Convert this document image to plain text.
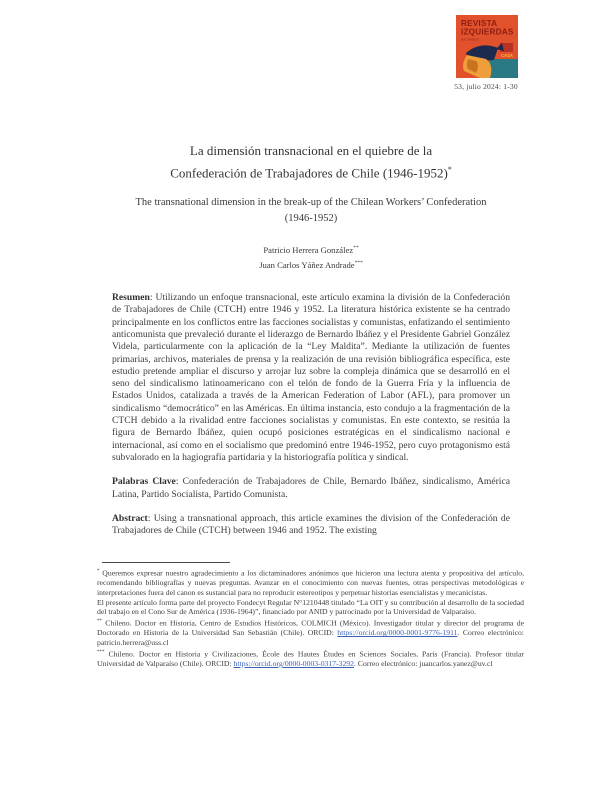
REVISTA
IZQUIERDAS
los matices
CASA
53, julio 2024: 1-30
La dimensión transnacional en el quiebre de la
Confederación de Trabajadores de Chile (1946-1952)*
The transnational dimension in the break-up of the Chilean Workers’ Confederation
(1946-1952)
Patricio Herrera González**
Juan Carlos Yáñez Andrade***

Resumen: Utilizando un enfoque transnacional, este artículo examina la división de la Confederación de Trabajadores de Chile (CTCH) entre 1946 y 1952. La literatura histórica existente se ha centrado principalmente en los conflictos entre las facciones socialistas y comunistas, enfatizando el sentimiento anticomunista que prevaleció durante el liderazgo de Bernardo Ibáñez y el Presidente Gabriel González Videla, particularmente con la aplicación de la “Ley Maldita”. Mediante la utilización de fuentes primarias, archivos, materiales de prensa y la realización de una revisión bibliográfica específica, este estudio pretende ampliar el discurso y arrojar luz sobre la compleja dinámica que se desarrolló en el seno del sindicalismo latinoamericano con el telón de fondo de la Guerra Fría y la influencia de Estados Unidos, catalizada a través de la American Federation of Labor (AFL), para promover un sindicalismo “democrático” en las Américas. En última instancia, esto condujo a la fragmentación de la CTCH debido a la rivalidad entre facciones socialistas y comunistas. En este contexto, se resitúa la figura de Bernardo Ibáñez, quien ocupó posiciones estratégicas en el sindicalismo nacional e internacional, así como en el socialismo que predominó entre 1946-1952, pero cuyo protagonismo está subvalorado en la hagiografía partidaria y la historiografía política y sindical.

Palabras Clave: Confederación de Trabajadores de Chile, Bernardo Ibáñez, sindicalismo, América Latina, Partido Socialista, Partido Comunista.

Abstract: Using a transnational approach, this article examines the division of the Confederación de Trabajadores de Chile (CTCH) between 1946 and 1952. The existing

* Queremos expresar nuestro agradecimiento a los dictaminadores anónimos que hicieron una lectura atenta y propositiva del artículo, recomendando bibliografías y nuevas preguntas. Avanzar en el conocimiento con nuevas fuentes, otras perspectivas metodológicas e interpretaciones fuera del canon es sustancial para no reproducir estereotipos y perpetuar historias esencialistas y mecanicistas.

El presente artículo forma parte del proyecto Fondecyt Regular N°1210448 titulado “La OIT y su contribución al desarrollo de la sociedad del trabajo en el Cono Sur de América (1936-1964)”, financiado por ANID y patrocinado por la Universidad de Valparaíso.

** Chileno. Doctor en Historia, Centro de Estudios Históricos, COLMICH (México). Investigador titular y director del programa de Doctorado en Historia de la Universidad San Sebastián (Chile). ORCID: https://orcid.org/0000-0001-9776-1911. Correo electrónico: patricio.herrera@uss.cl

*** Chileno. Doctor en Historia y Civilizaciones, École des Hautes Études en Sciences Sociales, París (Francia). Profesor titular Universidad de Valparaíso (Chile). ORCID: https://orcid.org/0000-0003-0317-3292. Correo electrónico: juancarlos.yanez@uv.cl
